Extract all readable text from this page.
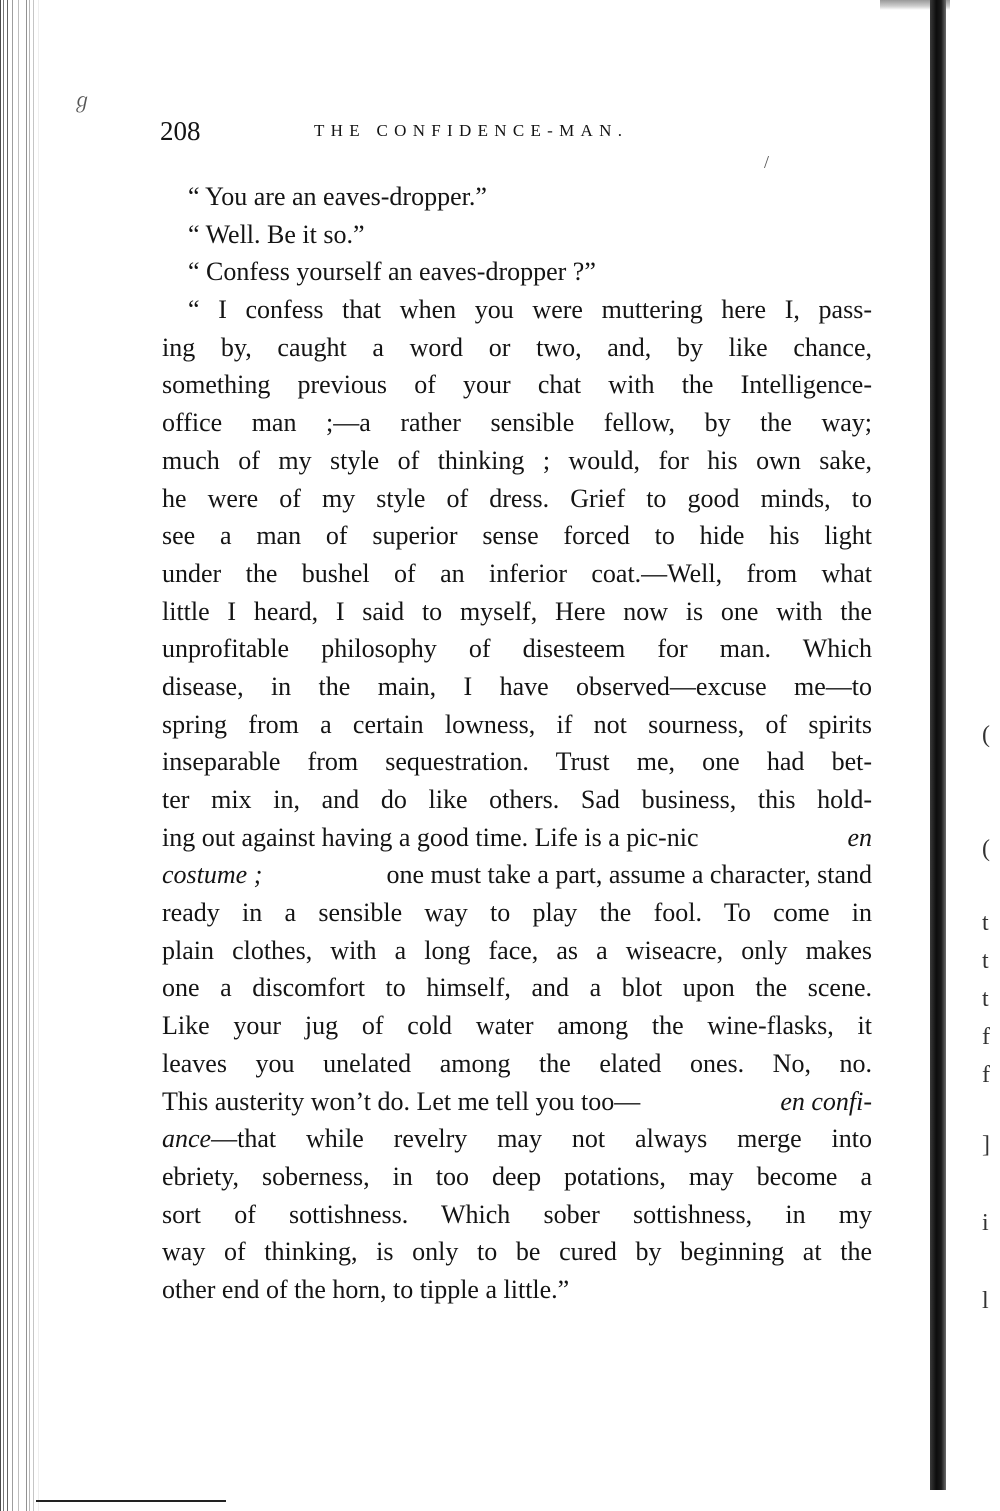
ℊ
/
(
(
t
t
t
f
f
]
i
l
208	THE CONFIDENCE-MAN.
“ You are an eaves-dropper.”
“ Well. Be it so.”
“ Confess yourself an eaves-dropper ?”
“ I confess that when you were muttering here I, pass-
ing by, caught a word or two, and, by like chance,
something previous of your chat with the Intelligence-
office man ;—a rather sensible fellow, by the way;
much of my style of thinking ; would, for his own sake,
he were of my style of dress. Grief to good minds, to
see a man of superior sense forced to hide his light
under the bushel of an inferior coat.—Well, from what
little I heard, I said to myself, Here now is one with the
unprofitable philosophy of disesteem for man. Which
disease, in the main, I have observed—excuse me—to
spring from a certain lowness, if not sourness, of spirits
inseparable from sequestration. Trust me, one had bet-
ter mix in, and do like others. Sad business, this hold-
ing out against having a good time. Life is a pic-nic	en
costume ;	one must take a part, assume a character, stand
ready in a sensible way to play the fool. To come in
plain clothes, with a long face, as a wiseacre, only makes
one a discomfort to himself, and a blot upon the scene.
Like your jug of cold water among the wine-flasks, it
leaves you unelated among the elated ones. No, no.
This austerity won’t do. Let me tell you too—	en confi-
ance —that while revelry may not always merge into
ebriety, soberness, in too deep potations, may become a
sort of sottishness. Which sober sottishness, in my
way of thinking, is only to be cured by beginning at the
other end of the horn, to tipple a little.”
